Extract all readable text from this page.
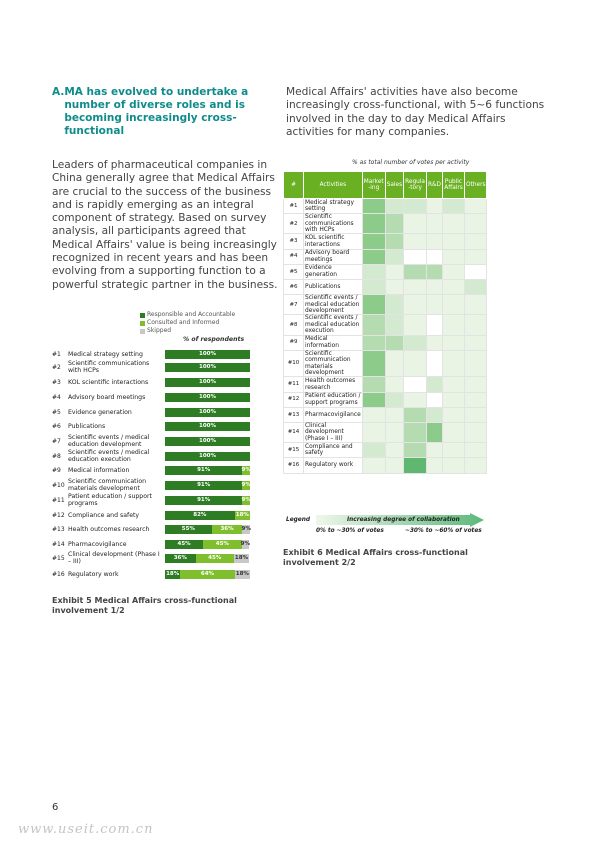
A. MA has evolved to undertake a number of diverse roles and is becoming increasingly cross-functional

Leaders of pharmaceutical companies in China generally agree that Medical Affairs are crucial to the success of the business and is rapidly emerging as an integral component of strategy. Based on survey analysis, all participants agreed that Medical Affairs' value is being increasingly recognized in recent years and has been evolving from a supporting function to a powerful strategic partner in the business.

Medical Affairs' activities have also become increasingly cross-functional, with 5~6 functions involved in the day to day Medical Affairs activities for many companies.

Responsible and Accountable
Consulted and Informed
Skipped
% of respondents
#1	Medical strategy setting	100%
#2	Scientific communications with HCPs	100%
#3	KOL scientific interactions	100%
#4	Advisory board meetings	100%
#5	Evidence generation	100%
#6	Publications	100%
#7	Scientific events / medical education development	100%
#8	Scientific events / medical education execution	100%
#9	Medical information	91%	9%
#10 Scientific communication materials development	91%	9%
#11 Patient education / support programs	91%	9%
#12 Compliance and safety	82%	18%
#13 Health outcomes research	55%	36%	9%
#14 Pharmacovigilance	45%	45%	9%
#15 Clinical development (Phase I – III)	36%	45%	18%
#16 Regulatory work	18%	64%	18%
Exhibit 5 Medical Affairs cross-functional involvement 1/2
% as total number of votes per activity
#	Activities	Market -ing	Sales	Regula -tory	R&D	Public Affairs	Others
#1	Medical strategy setting						
#2	Scientific communications with HCPs						
#3	KOL scientific interactions						
#4	Advisory board meetings						
#5	Evidence generation						
#6	Publications						
#7	Scientific events / medical education development						
#8	Scientific events / medical education execution						
#9	Medical information						
#10	Scientific communication materials development						
#11	Health outcomes research						
#12	Patient education / support programs						
#13	Pharmacovigilance						
#14	Clinical development (Phase I – III)						
#15	Compliance and safety						
#16	Regulatory work						
Legend	Increasing degree of collaboration
0% to ~30% of votes	~30% to ~60% of votes
Exhibit 6 Medical Affairs cross-functional involvement 2/2
6
www.useit.com.cn
